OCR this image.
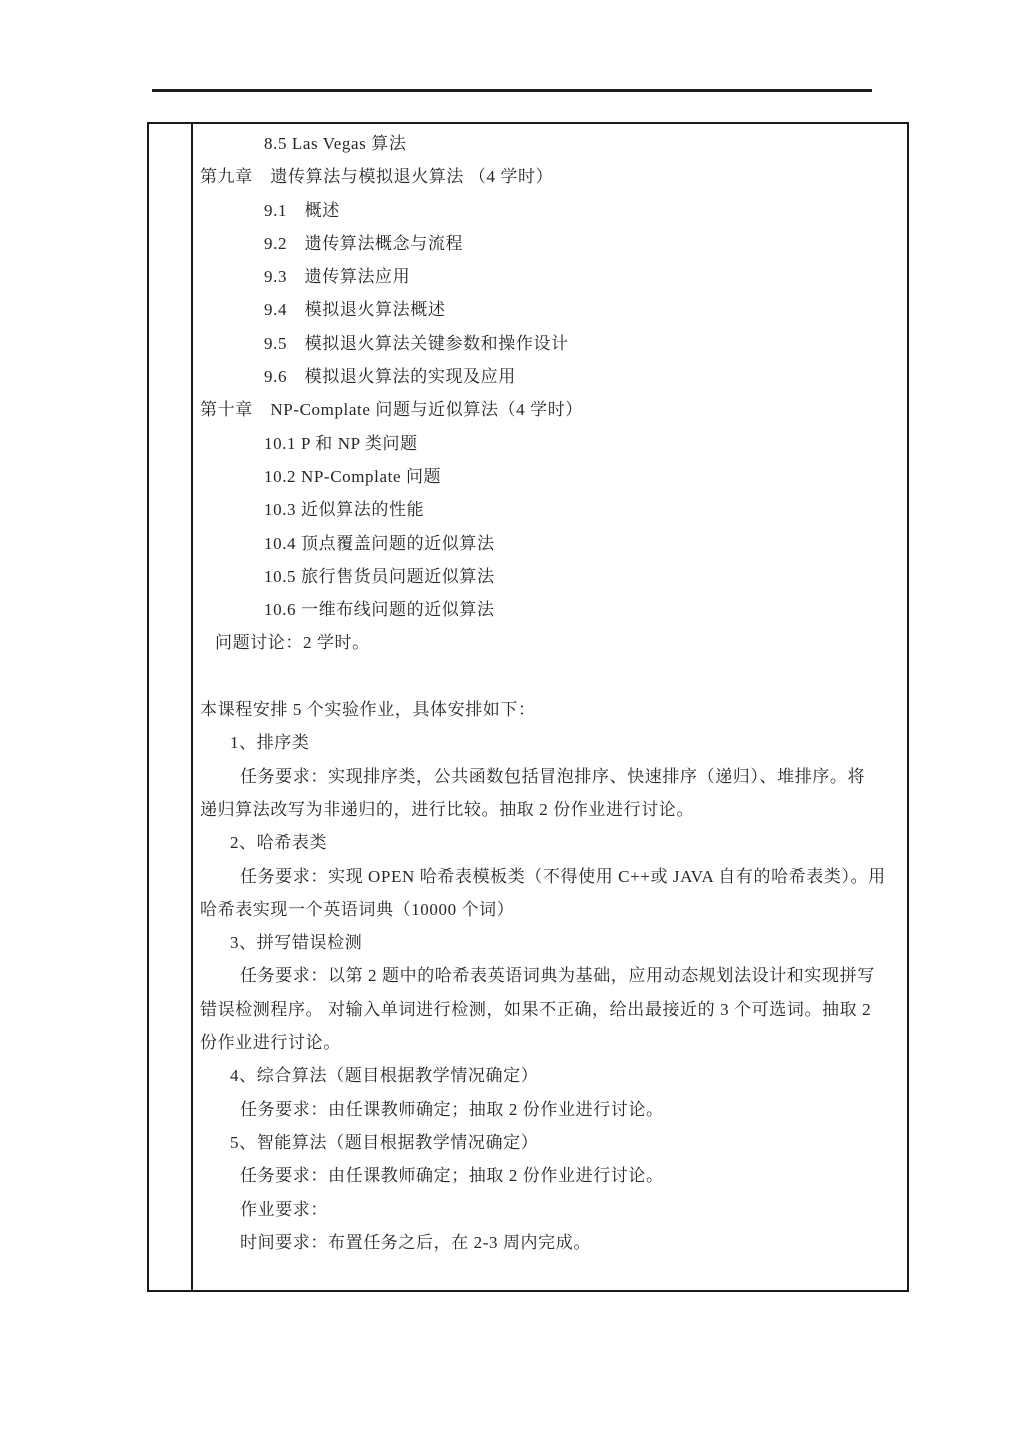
8.5 Las Vegas 算法
第九章　遗传算法与模拟退火算法 （4 学时）
9.1　概述
9.2　遗传算法概念与流程
9.3　遗传算法应用
9.4　模拟退火算法概述
9.5　模拟退火算法关键参数和操作设计
9.6　模拟退火算法的实现及应用
第十章　NP-Complate 问题与近似算法（4 学时）
10.1 P 和 NP 类问题
10.2 NP-Complate 问题
10.3 近似算法的性能
10.4 顶点覆盖问题的近似算法
10.5 旅行售货员问题近似算法
10.6 一维布线问题的近似算法
问题讨论：2 学时。

本课程安排 5 个实验作业，具体安排如下：
1、排序类
任务要求：实现排序类，公共函数包括冒泡排序、快速排序（递归）、堆排序。将
递归算法改写为非递归的，进行比较。抽取 2 份作业进行讨论。
2、哈希表类
任务要求：实现 OPEN 哈希表模板类（不得使用 C++或 JAVA 自有的哈希表类）。用
哈希表实现一个英语词典（10000 个词）
3、拼写错误检测
任务要求：以第 2 题中的哈希表英语词典为基础，应用动态规划法设计和实现拼写
错误检测程序。 对输入单词进行检测，如果不正确，给出最接近的 3 个可选词。抽取 2
份作业进行讨论。
4、综合算法（题目根据教学情况确定）
任务要求：由任课教师确定；抽取 2 份作业进行讨论。
5、智能算法（题目根据教学情况确定）
任务要求：由任课教师确定；抽取 2 份作业进行讨论。
作业要求：
时间要求：布置任务之后，在 2-3 周内完成。
